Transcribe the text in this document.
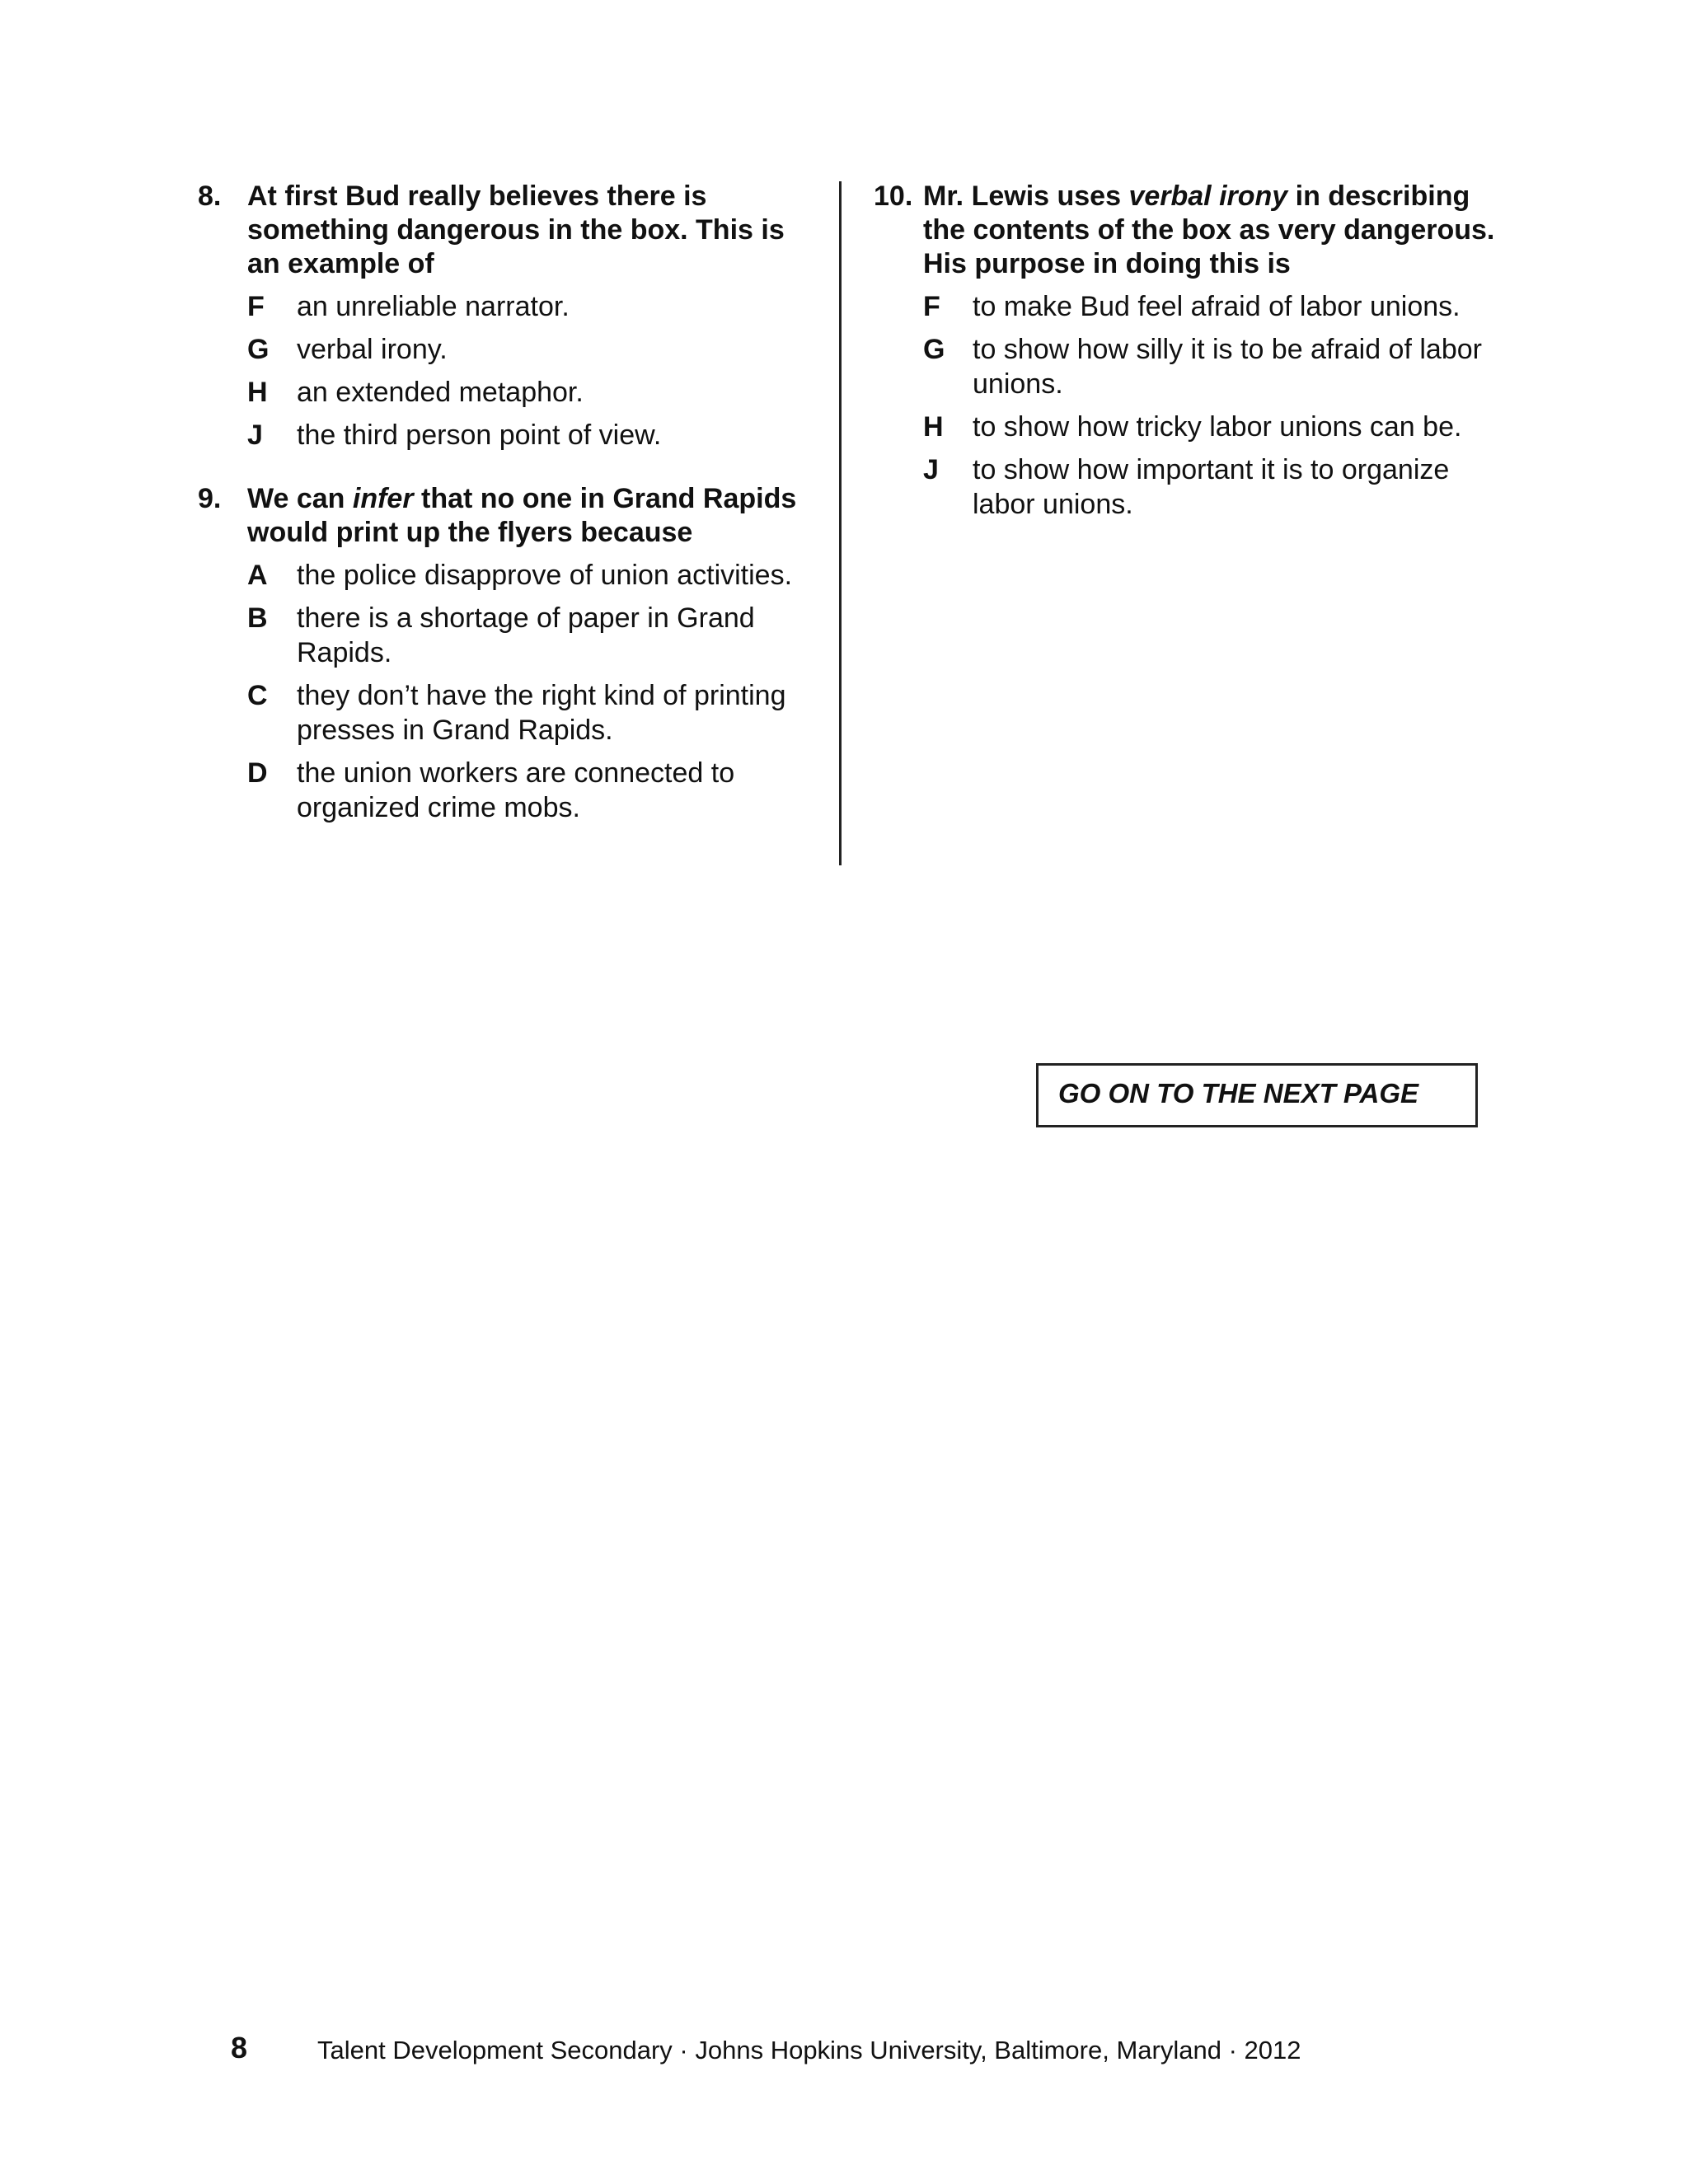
8. At first Bud really believes there is something dangerous in the box. This is an example of
F an unreliable narrator.
G verbal irony.
H an extended metaphor.
J the third person point of view.
9. We can infer that no one in Grand Rapids would print up the flyers because
A the police disapprove of union activities.
B there is a shortage of paper in Grand Rapids.
C they don’t have the right kind of printing presses in Grand Rapids.
D the union workers are connected to organized crime mobs.
10. Mr. Lewis uses verbal irony in describing the contents of the box as very dangerous. His purpose in doing this is
F to make Bud feel afraid of labor unions.
G to show how silly it is to be afraid of labor unions.
H to show how tricky labor unions can be.
J to show how important it is to organize labor unions.
GO ON TO THE NEXT PAGE
8	Talent Development Secondary · Johns Hopkins University, Baltimore, Maryland · 2012
